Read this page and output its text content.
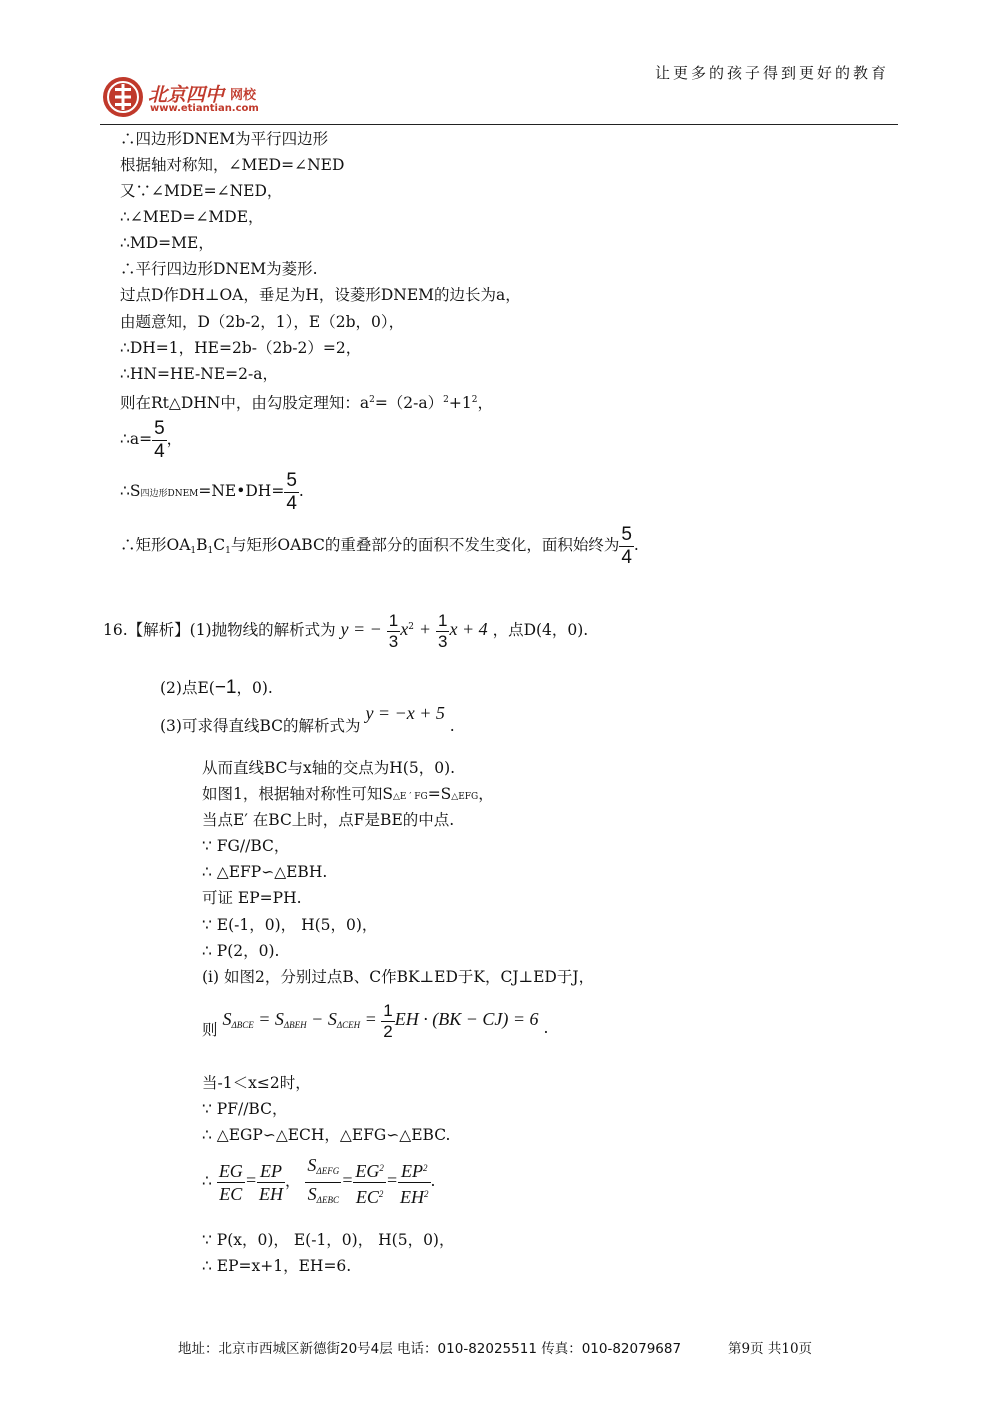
让更多的孩子得到更好的教育
北京四中 网校
www.etiantian.com
∴四边形DNEM为平行四边形
根据轴对称知，∠MED=∠NED
又∵∠MDE=∠NED，
∴∠MED=∠MDE，
∴MD=ME，
∴平行四边形DNEM为菱形.
过点D作DH⊥OA，垂足为H，设菱形DNEM的边长为a，
由题意知，D（2b-2，1），E（2b，0），
∴DH=1，HE=2b-（2b-2）=2，
∴HN=HE-NE=2-a，
则在Rt△DHN中，由勾股定理知：$a^2=(2-a)^2+1^2$，
∴a= $\frac{5}{4}$ ，
∴S四边形DNEM=NE•DH= $\frac{5}{4}$ .
∴矩形$OA_1B_1C_1$与矩形OABC的重叠部分的面积不发生变化，面积始终为 $\frac{5}{4}$ .
16.【解析】(1)抛物线的解析式为 y = − $\frac{1}{3} x^2 + \frac{1}{3}$ x + 4 ，点D(4，0).
(2)点E(−1，0).
(3)可求得直线BC的解析式为 y = −x + 5 .
从而直线BC与x轴的交点为H(5，0).
如图1，根据轴对称性可知S△E ′ FG=S△EFG，
当点E′ 在BC上时，点F是BE的中点.
∵ FG//BC，
∴ △EFP∽△EBH.
可证 EP=PH.
∵ E(-1，0)， H(5，0)，
∴ P(2，0).
(i) 如图2，分别过点B、C作BK⊥ED于K，CJ⊥ED于J，
则 $S_{\Delta BCE} = S_{\Delta BEH} - S_{\Delta CEH} = \frac{1}{2}$ EH · (BK − CJ) = 6 .
当-1＜x≤2时，
∵ PF//BC，
∴ △EGP∽△ECH，△EFG∽△EBC.
∴ $\frac{EG}{EC} = \frac{EP}{EH}$ ， $\frac{S_{\Delta EFG}}{S_{\Delta EBC}} = \frac{EG^2}{EC^2} = \frac{EP^2}{EH^2}$ .
∵ P(x，0)， E(-1，0)， H(5，0)，
∴ EP=x+1，EH=6.
地址：北京市西城区新德街20号4层 电话：010-82025511 传真：010-82079687	第9页 共10页
